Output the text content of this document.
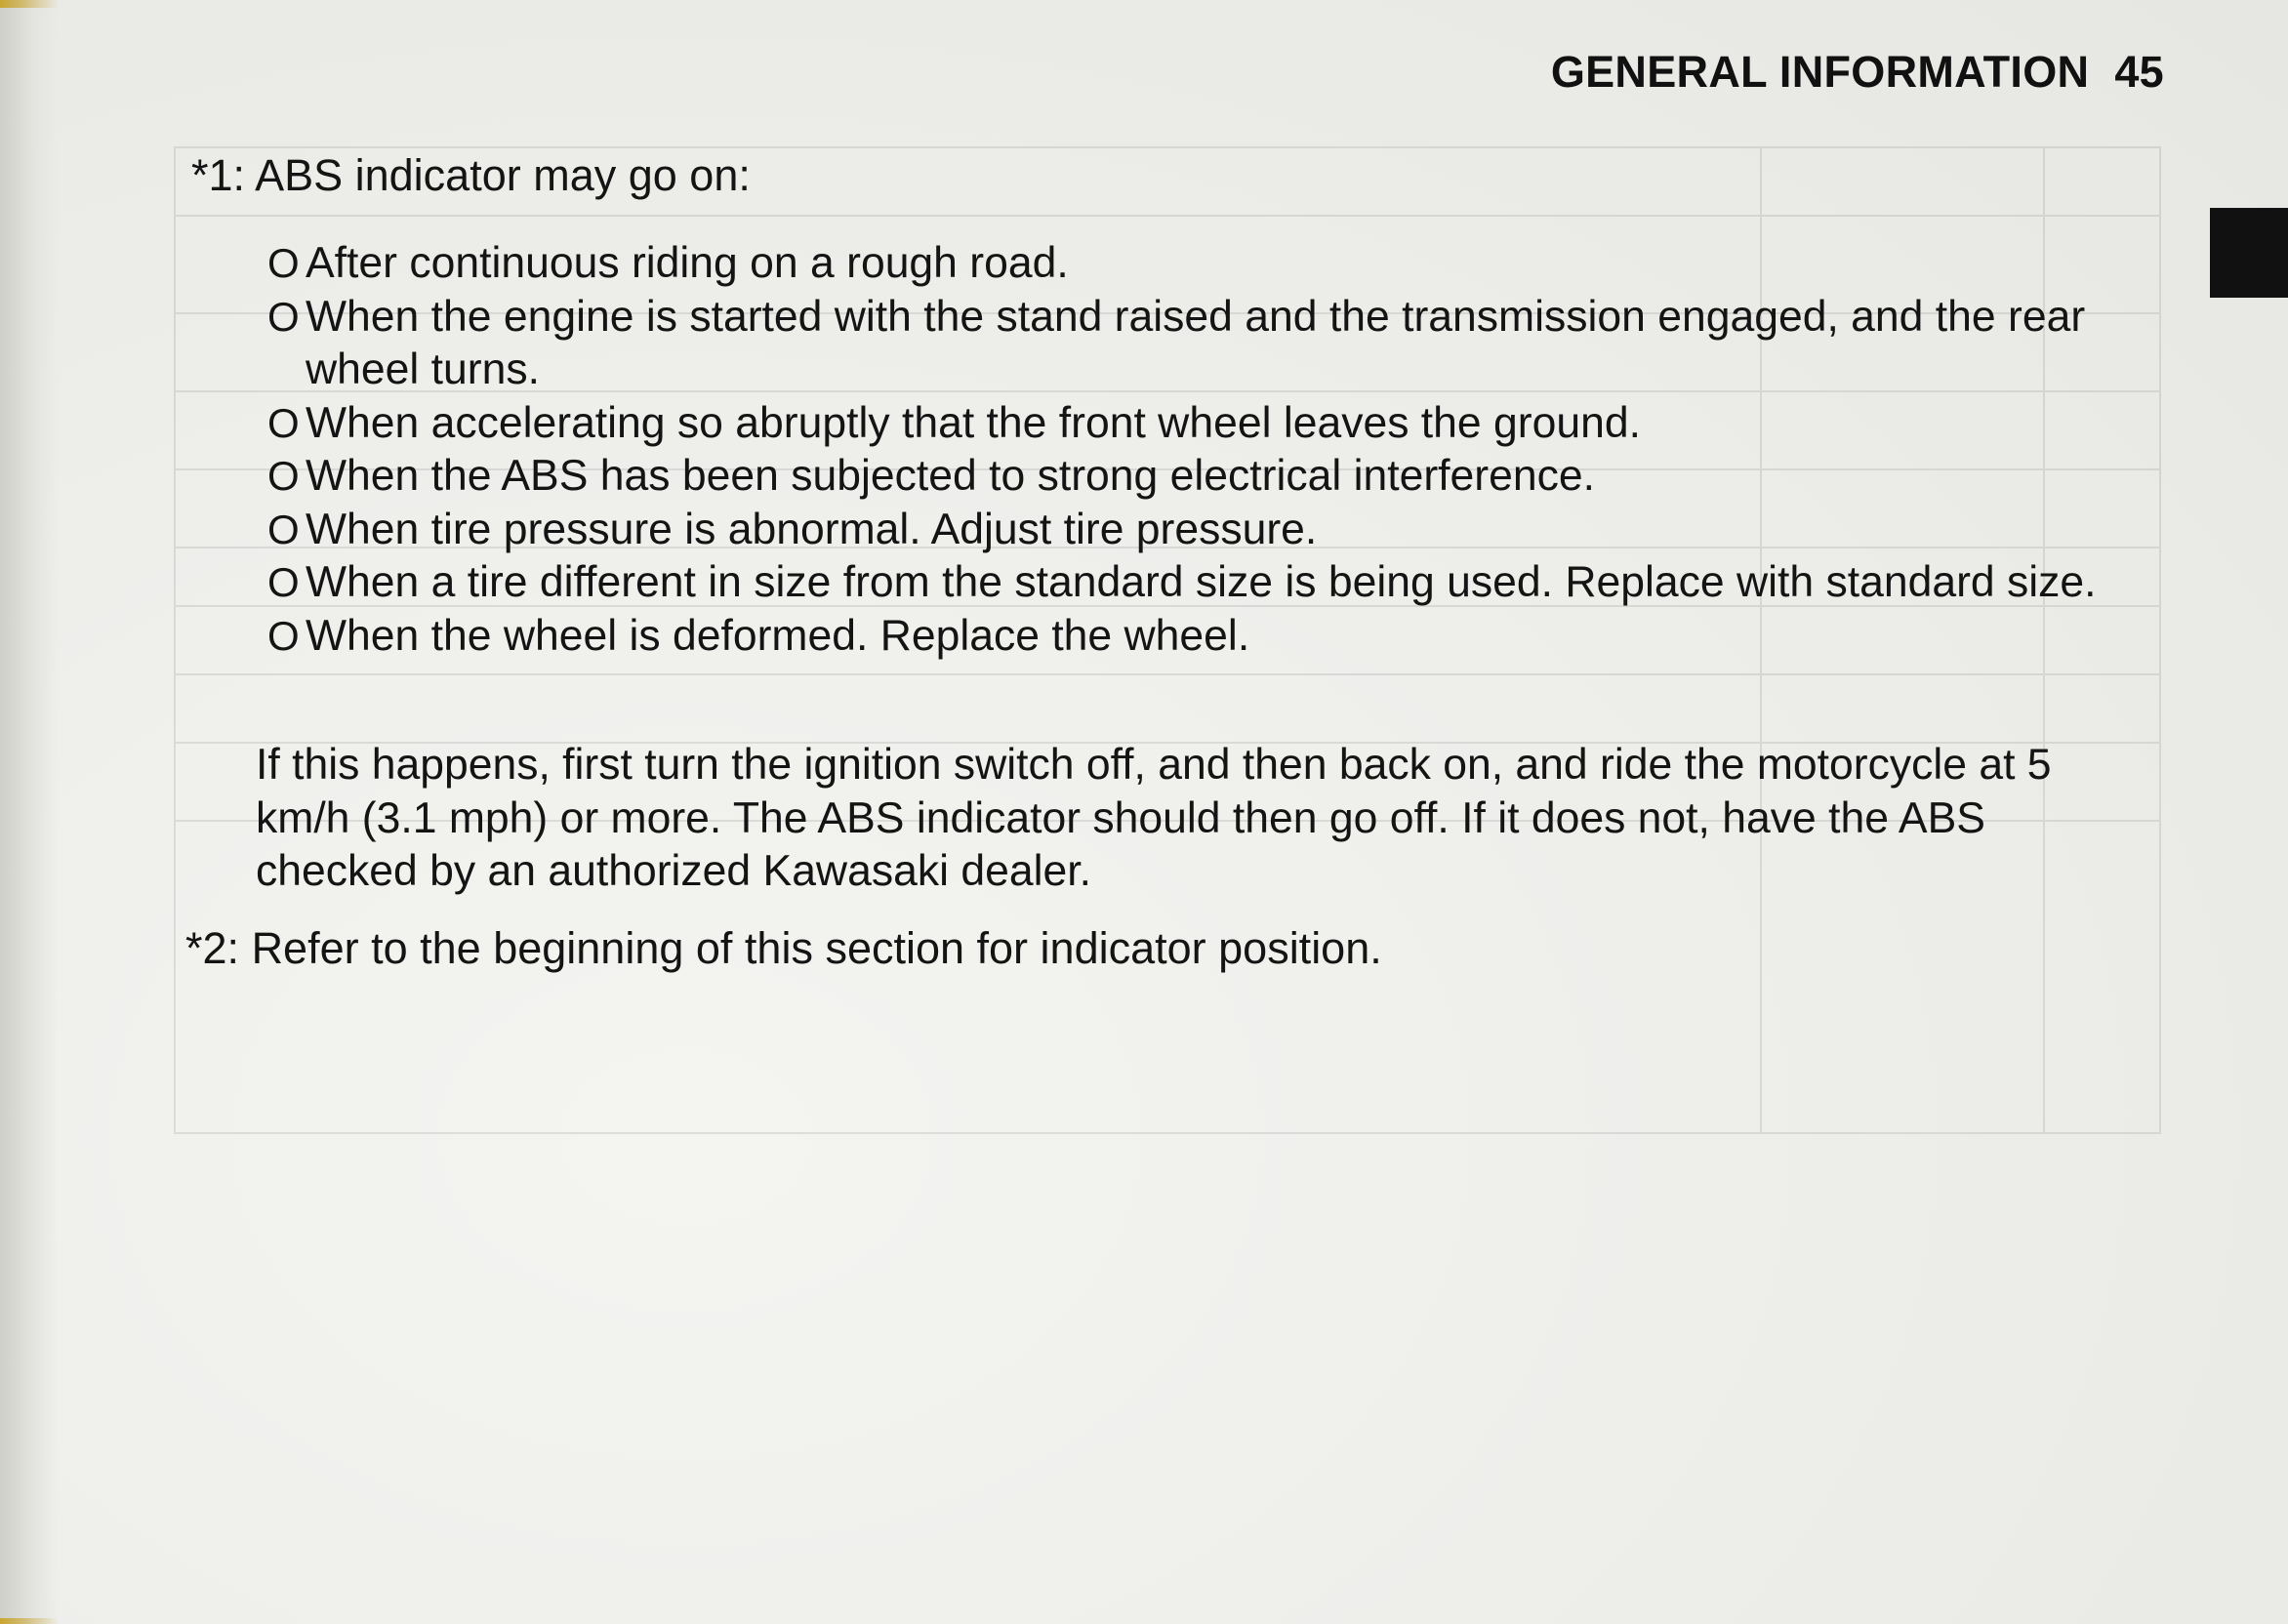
GENERAL INFORMATION 45
*1: ABS indicator may go on:
O After continuous riding on a rough road.
O When the engine is started with the stand raised and the transmission engaged, and the rear wheel turns.
O When accelerating so abruptly that the front wheel leaves the ground.
O When the ABS has been subjected to strong electrical interference.
O When tire pressure is abnormal. Adjust tire pressure.
O When a tire different in size from the standard size is being used. Replace with standard size.
O When the wheel is deformed. Replace the wheel.
If this happens, first turn the ignition switch off, and then back on, and ride the motorcycle at 5 km/h (3.1 mph) or more. The ABS indicator should then go off. If it does not, have the ABS checked by an authorized Kawasaki dealer.
*2: Refer to the beginning of this section for indicator position.
